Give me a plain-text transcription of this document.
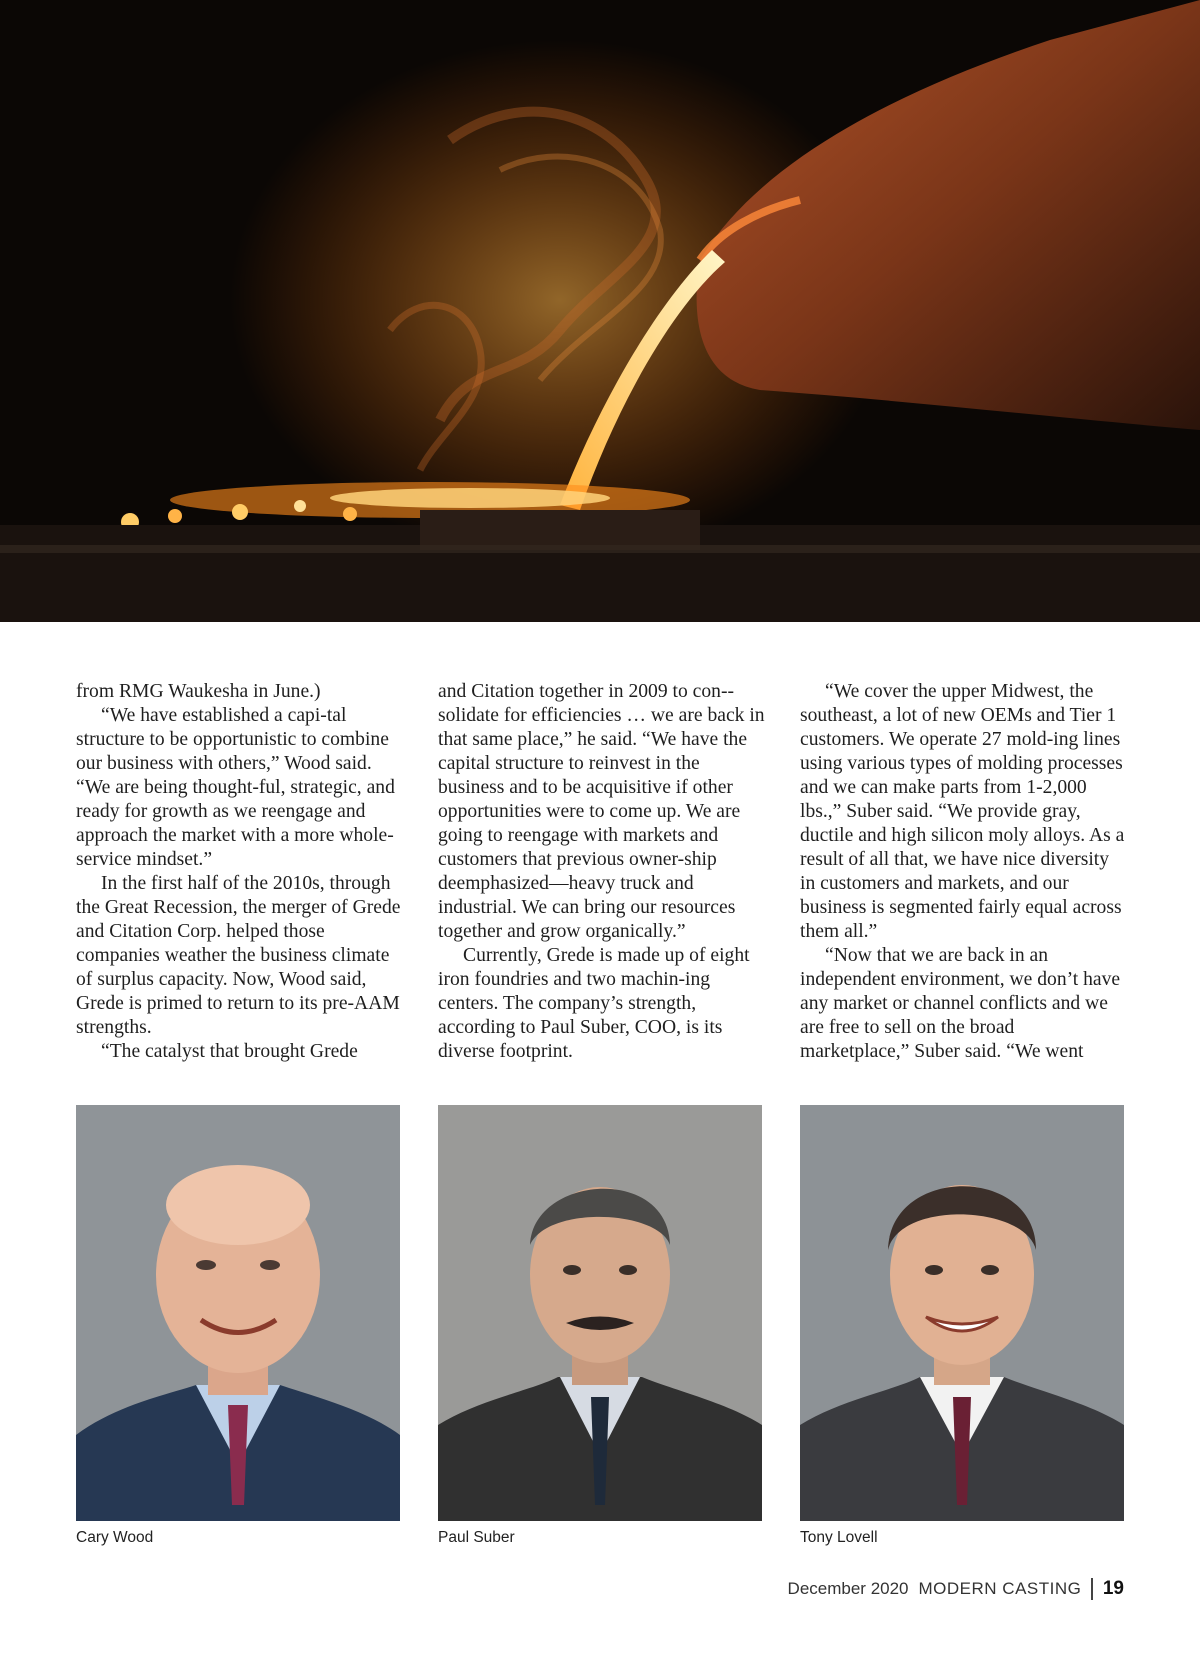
from RMG Waukesha in June.)

“We have established a capi-tal structure to be opportunistic to combine our business with others,” Wood said. “We are being thought-ful, strategic, and ready for growth as we reengage and approach the market with a more whole-service mindset.”

In the first half of the 2010s, through the Great Recession, the merger of Grede and Citation Corp. helped those companies weather the business climate of surplus capacity. Now, Wood said, Grede is primed to return to its pre-AAM strengths.

“The catalyst that brought Grede

and Citation together in 2009 to con-solidate for efficiencies … we are back in that same place,” he said. “We have the capital structure to reinvest in the business and to be acquisitive if other opportunities were to come up. We are going to reengage with markets and customers that previous owner-ship deemphasized—heavy truck and industrial. We can bring our resources together and grow organically.”

Currently, Grede is made up of eight iron foundries and two machin-ing centers. The company’s strength, according to Paul Suber, COO, is its diverse footprint.

“We cover the upper Midwest, the southeast, a lot of new OEMs and Tier 1 customers. We operate 27 mold-ing lines using various types of molding processes and we can make parts from 1-2,000 lbs.,” Suber said. “We provide gray, ductile and high silicon moly alloys. As a result of all that, we have nice diversity in customers and markets, and our business is segmented fairly equal across them all.”

“Now that we are back in an independent environment, we don’t have any market or channel conflicts and we are free to sell on the broad marketplace,” Suber said. “We went

Cary Wood	Paul Suber	Tony Lovell
December 2020 MODERN CASTING 19
